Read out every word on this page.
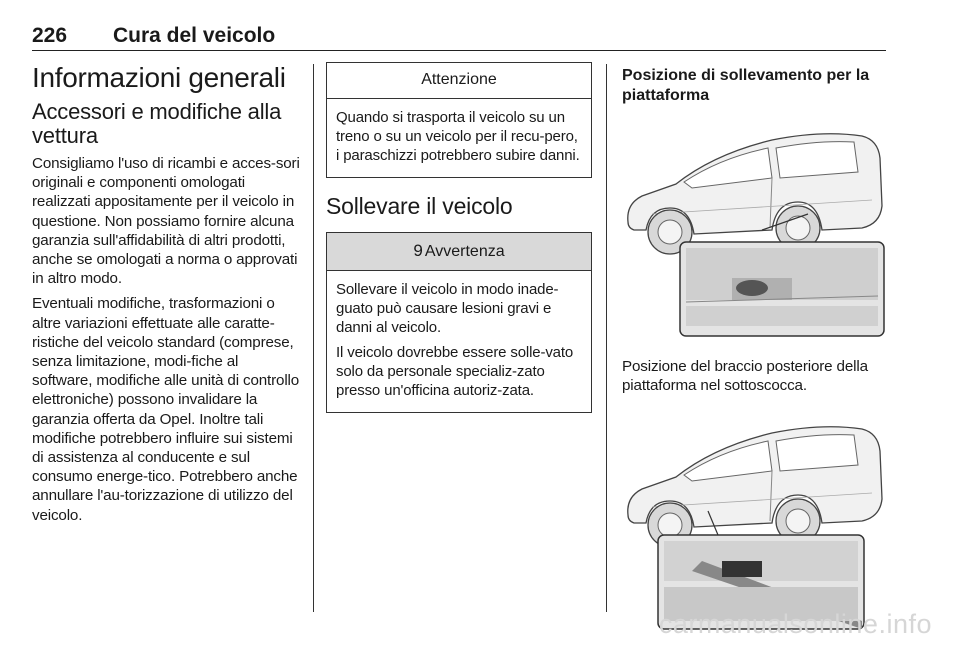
226 Cura del veicolo
Informazioni generali
Accessori e modifiche alla
vettura

Consigliamo l'uso di ricambi e acces-sori originali e componenti omologati realizzati appositamente per il veicolo in questione. Non possiamo fornire alcuna garanzia sull'affidabilità di altri prodotti, anche se omologati a norma o approvati in altro modo.

Eventuali modifiche, trasformazioni o altre variazioni effettuate alle caratte-ristiche del veicolo standard (comprese, senza limitazione, modi-fiche al software, modifiche alle unità di controllo elettroniche) possono invalidare la garanzia offerta da Opel. Inoltre tali modifiche potrebbero influire sui sistemi di assistenza al conducente e sul consumo energe-tico. Potrebbero anche annullare l'au-torizzazione di utilizzo del veicolo.

Attenzione

Quando si trasporta il veicolo su un treno o su un veicolo per il recu-pero, i paraschizzi potrebbero subire danni.

Sollevare il veicolo
9 Avvertenza

Sollevare il veicolo in modo inade-guato può causare lesioni gravi e danni al veicolo.

Il veicolo dovrebbe essere solle-vato solo da personale specializ-zato presso un'officina autoriz-zata.

Posizione di sollevamento per la piattaforma

Posizione del braccio posteriore della piattaforma nel sottoscocca.

carmanualsonline.info
